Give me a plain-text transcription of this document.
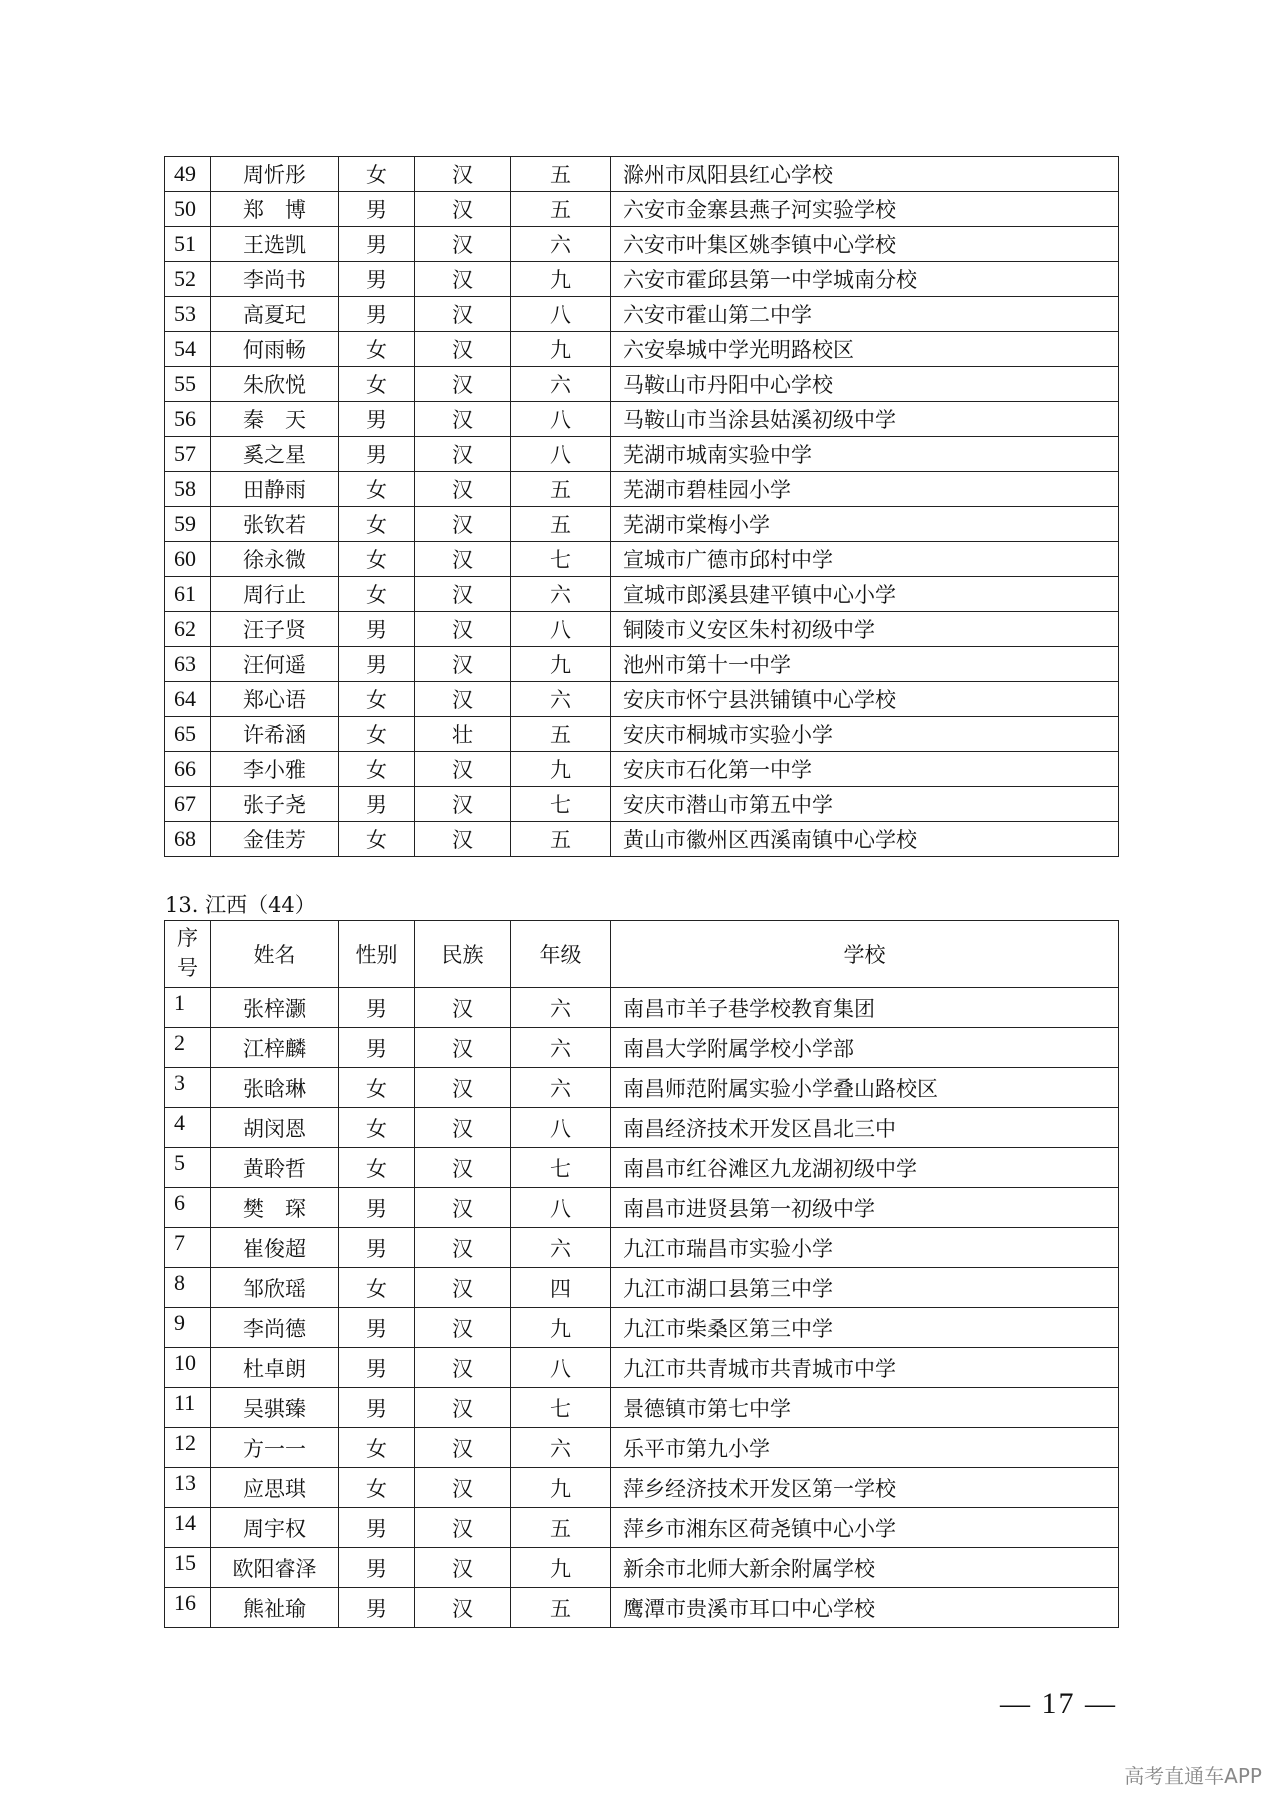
49	周忻彤	女	汉	五	滁州市凤阳县红心学校
50	郑　博	男	汉	五	六安市金寨县燕子河实验学校
51	王选凯	男	汉	六	六安市叶集区姚李镇中心学校
52	李尚书	男	汉	九	六安市霍邱县第一中学城南分校
53	高夏玘	男	汉	八	六安市霍山第二中学
54	何雨畅	女	汉	九	六安皋城中学光明路校区
55	朱欣悦	女	汉	六	马鞍山市丹阳中心学校
56	秦　天	男	汉	八	马鞍山市当涂县姑溪初级中学
57	奚之星	男	汉	八	芜湖市城南实验中学
58	田静雨	女	汉	五	芜湖市碧桂园小学
59	张钦若	女	汉	五	芜湖市棠梅小学
60	徐永微	女	汉	七	宣城市广德市邱村中学
61	周行止	女	汉	六	宣城市郎溪县建平镇中心小学
62	汪子贤	男	汉	八	铜陵市义安区朱村初级中学
63	汪何遥	男	汉	九	池州市第十一中学
64	郑心语	女	汉	六	安庆市怀宁县洪铺镇中心学校
65	许希涵	女	壮	五	安庆市桐城市实验小学
66	李小雅	女	汉	九	安庆市石化第一中学
67	张子尧	男	汉	七	安庆市潜山市第五中学
68	金佳芳	女	汉	五	黄山市徽州区西溪南镇中心学校
13. 江西（44）
序
号	姓名	性别	民族	年级	学校
1	张梓灏	男	汉	六	南昌市羊子巷学校教育集团
2	江梓麟	男	汉	六	南昌大学附属学校小学部
3	张晗琳	女	汉	六	南昌师范附属实验小学叠山路校区
4	胡闵恩	女	汉	八	南昌经济技术开发区昌北三中
5	黄聆哲	女	汉	七	南昌市红谷滩区九龙湖初级中学
6	樊　琛	男	汉	八	南昌市进贤县第一初级中学
7	崔俊超	男	汉	六	九江市瑞昌市实验小学
8	邹欣瑶	女	汉	四	九江市湖口县第三中学
9	李尚德	男	汉	九	九江市柴桑区第三中学
10	杜卓朗	男	汉	八	九江市共青城市共青城市中学
11	吴骐臻	男	汉	七	景德镇市第七中学
12	方一一	女	汉	六	乐平市第九小学
13	应思琪	女	汉	九	萍乡经济技术开发区第一学校
14	周宇权	男	汉	五	萍乡市湘东区荷尧镇中心小学
15	欧阳睿泽	男	汉	九	新余市北师大新余附属学校
16	熊祉瑜	男	汉	五	鹰潭市贵溪市耳口中心学校
— 17 —
高考直通车APP
